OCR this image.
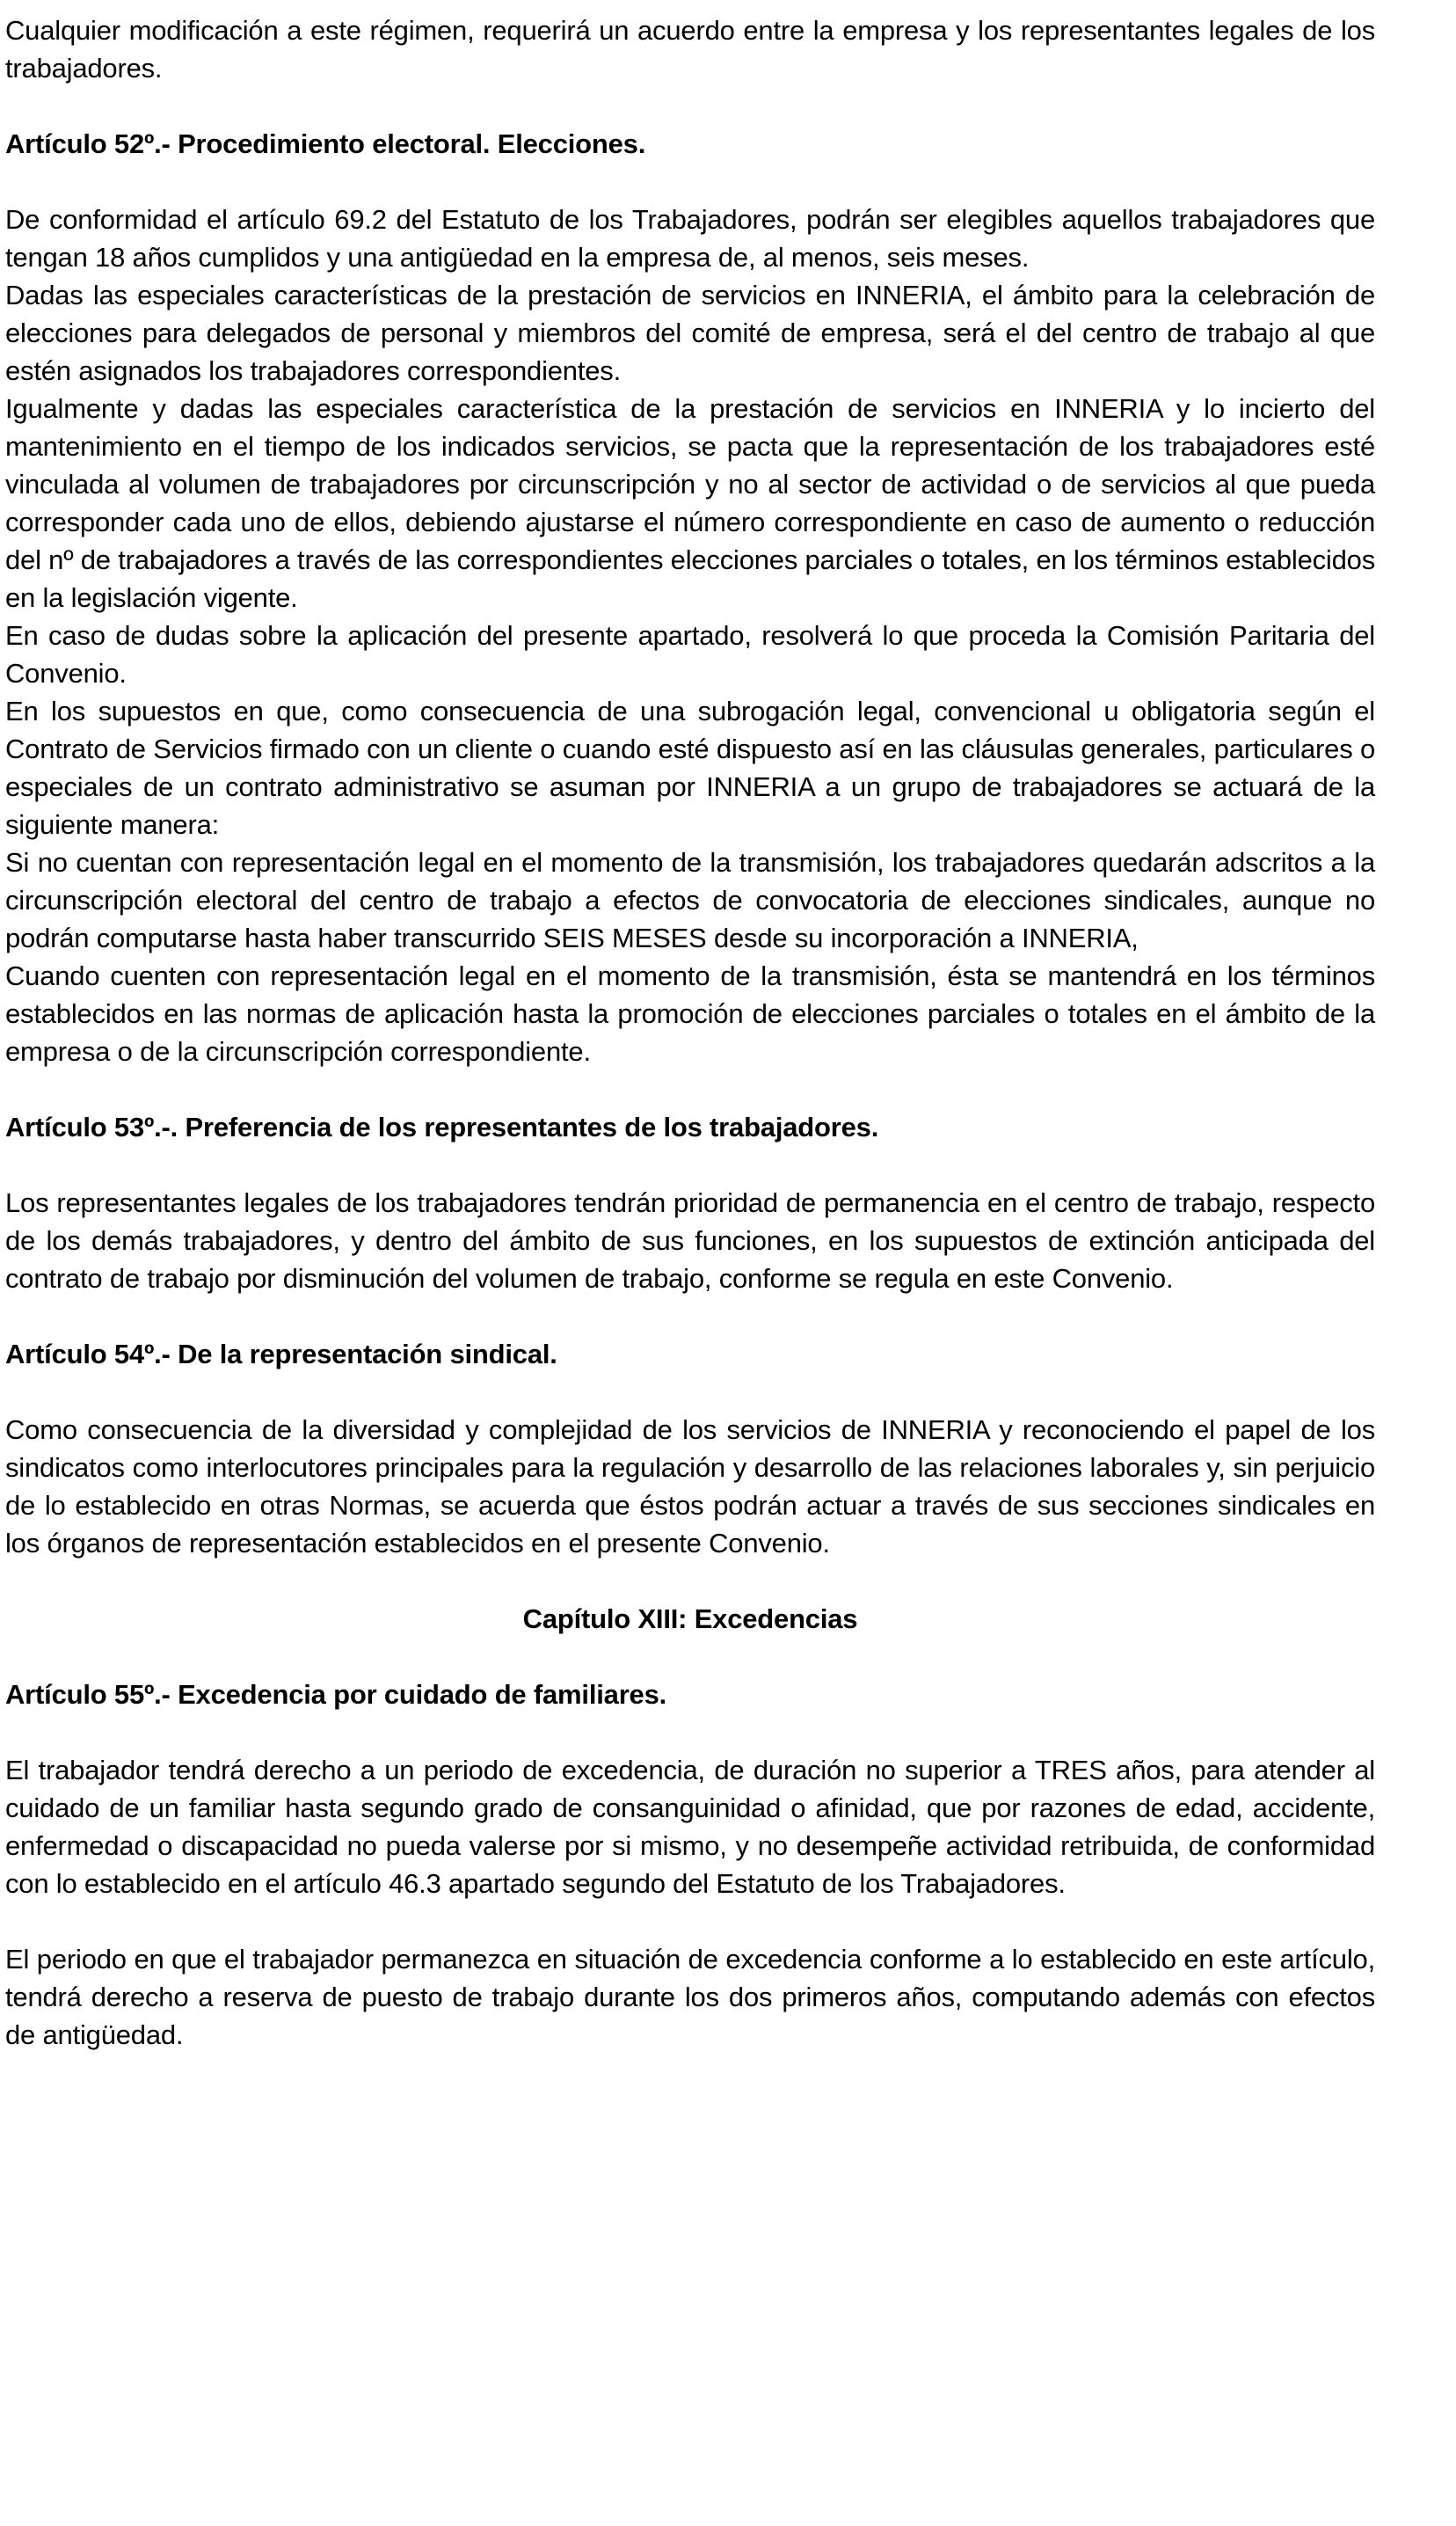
Cualquier modificación a este régimen, requerirá un acuerdo entre la empresa y los representantes legales de los trabajadores.

Artículo 52º.- Procedimiento electoral. Elecciones.

De conformidad el artículo 69.2 del Estatuto de los Trabajadores, podrán ser elegibles aquellos trabajadores que tengan 18 años cumplidos y una antigüedad en la empresa de, al menos, seis meses.

Dadas las especiales características de la prestación de servicios en INNERIA, el ámbito para la celebración de elecciones para delegados de personal y miembros del comité de empresa, será el del centro de trabajo al que estén asignados los trabajadores correspondientes.

Igualmente y dadas las especiales característica de la prestación de servicios en INNERIA y lo incierto del mantenimiento en el tiempo de los indicados servicios, se pacta que la representación de los trabajadores esté vinculada al volumen de trabajadores por circunscripción y no al sector de actividad o de servicios al que pueda corresponder cada uno de ellos, debiendo ajustarse el número correspondiente en caso de aumento o reducción del nº de trabajadores a través de las correspondientes elecciones parciales o totales, en los términos establecidos en la legislación vigente.

En caso de dudas sobre la aplicación del presente apartado, resolverá lo que proceda la Comisión Paritaria del Convenio.

En los supuestos en que, como consecuencia de una subrogación legal, convencional u obligatoria según el Contrato de Servicios firmado con un cliente o cuando esté dispuesto así en las cláusulas generales, particulares o especiales de un contrato administrativo se asuman por INNERIA a un grupo de trabajadores se actuará de la siguiente manera:

Si no cuentan con representación legal en el momento de la transmisión, los trabajadores quedarán adscritos a la circunscripción electoral del centro de trabajo a efectos de convocatoria de elecciones sindicales, aunque no podrán computarse hasta haber transcurrido SEIS MESES desde su incorporación a INNERIA,

Cuando cuenten con representación legal en el momento de la transmisión, ésta se mantendrá en los términos establecidos en las normas de aplicación hasta la promoción de elecciones parciales o totales en el ámbito de la empresa o de la circunscripción correspondiente.

Artículo 53º.-. Preferencia de los representantes de los trabajadores.

Los representantes legales de los trabajadores tendrán prioridad de permanencia en el centro de trabajo, respecto de los demás trabajadores, y dentro del ámbito de sus funciones, en los supuestos de extinción anticipada del contrato de trabajo por disminución del volumen de trabajo, conforme se regula en este Convenio.

Artículo 54º.- De la representación sindical.

Como consecuencia de la diversidad y complejidad de los servicios de INNERIA y reconociendo el papel de los sindicatos como interlocutores principales para la regulación y desarrollo de las relaciones laborales y, sin perjuicio de lo establecido en otras Normas, se acuerda que éstos podrán actuar a través de sus secciones sindicales en los órganos de representación establecidos en el presente Convenio.

Capítulo XIII: Excedencias
Artículo 55º.- Excedencia por cuidado de familiares.

El trabajador tendrá derecho a un periodo de excedencia, de duración no superior a TRES años, para atender al cuidado de un familiar hasta segundo grado de consanguinidad o afinidad, que por razones de edad, accidente, enfermedad o discapacidad no pueda valerse por si mismo, y no desempeñe actividad retribuida, de conformidad con lo establecido en el artículo 46.3 apartado segundo del Estatuto de los Trabajadores.

El periodo en que el trabajador permanezca en situación de excedencia conforme a lo establecido en este artículo, tendrá derecho a reserva de puesto de trabajo durante los dos primeros años, computando además con efectos de antigüedad.
